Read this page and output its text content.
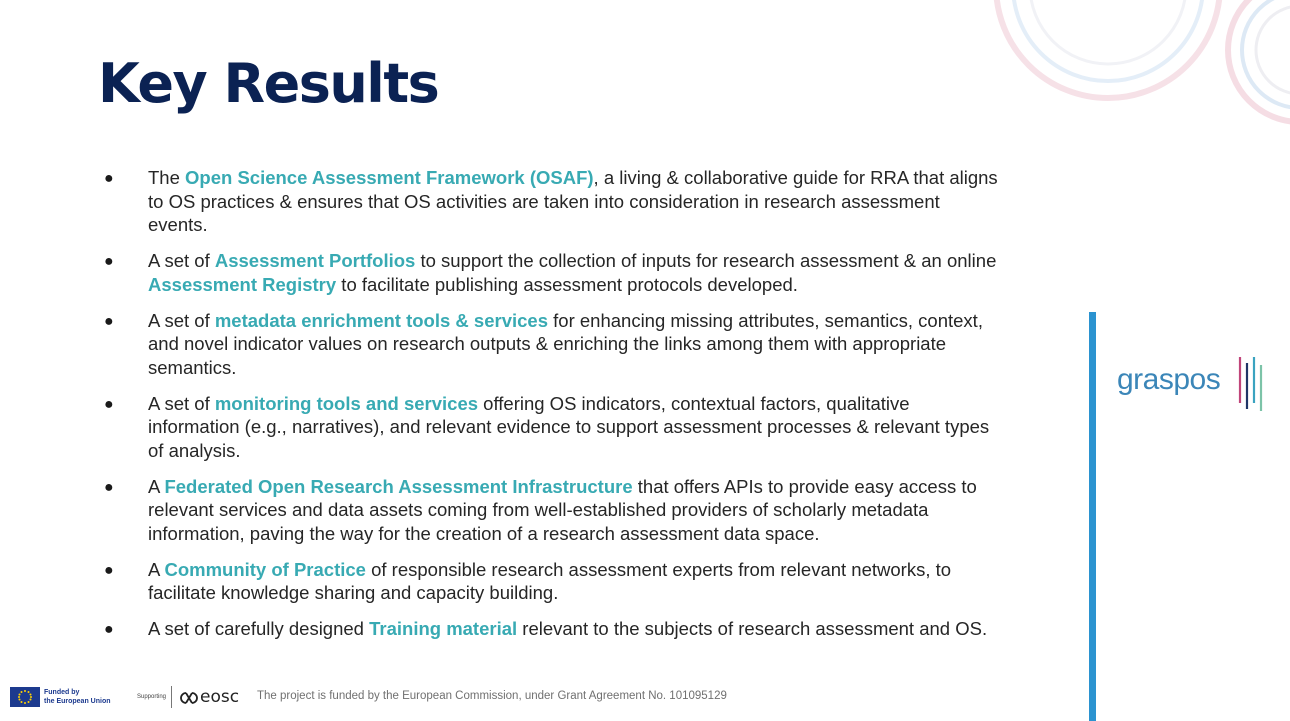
Key Results
● The Open Science Assessment Framework (OSAF), a living & collaborative guide for RRA that aligns to OS practices & ensures that OS activities are taken into consideration in research assessment events.
● A set of Assessment Portfolios to support the collection of inputs for research assessment & an online Assessment Registry to facilitate publishing assessment protocols developed.
● A set of metadata enrichment tools & services for enhancing missing attributes, semantics, context, and novel indicator values on research outputs & enriching the links among them with appropriate semantics.
● A set of monitoring tools and services offering OS indicators, contextual factors, qualitative information (e.g., narratives), and relevant evidence to support assessment processes & relevant types of analysis.
● A Federated Open Research Assessment Infrastructure that offers APIs to provide easy access to relevant services and data assets coming from well-established providers of scholarly metadata information, paving the way for the creation of a research assessment data space.
● A Community of Practice of responsible research assessment experts from relevant networks, to facilitate knowledge sharing and capacity building.
● A set of carefully designed Training material relevant to the subjects of research assessment and OS.
graspos
Funded by
the European Union
Supporting eosc The project is funded by the European Commission, under Grant Agreement No. 101095129
